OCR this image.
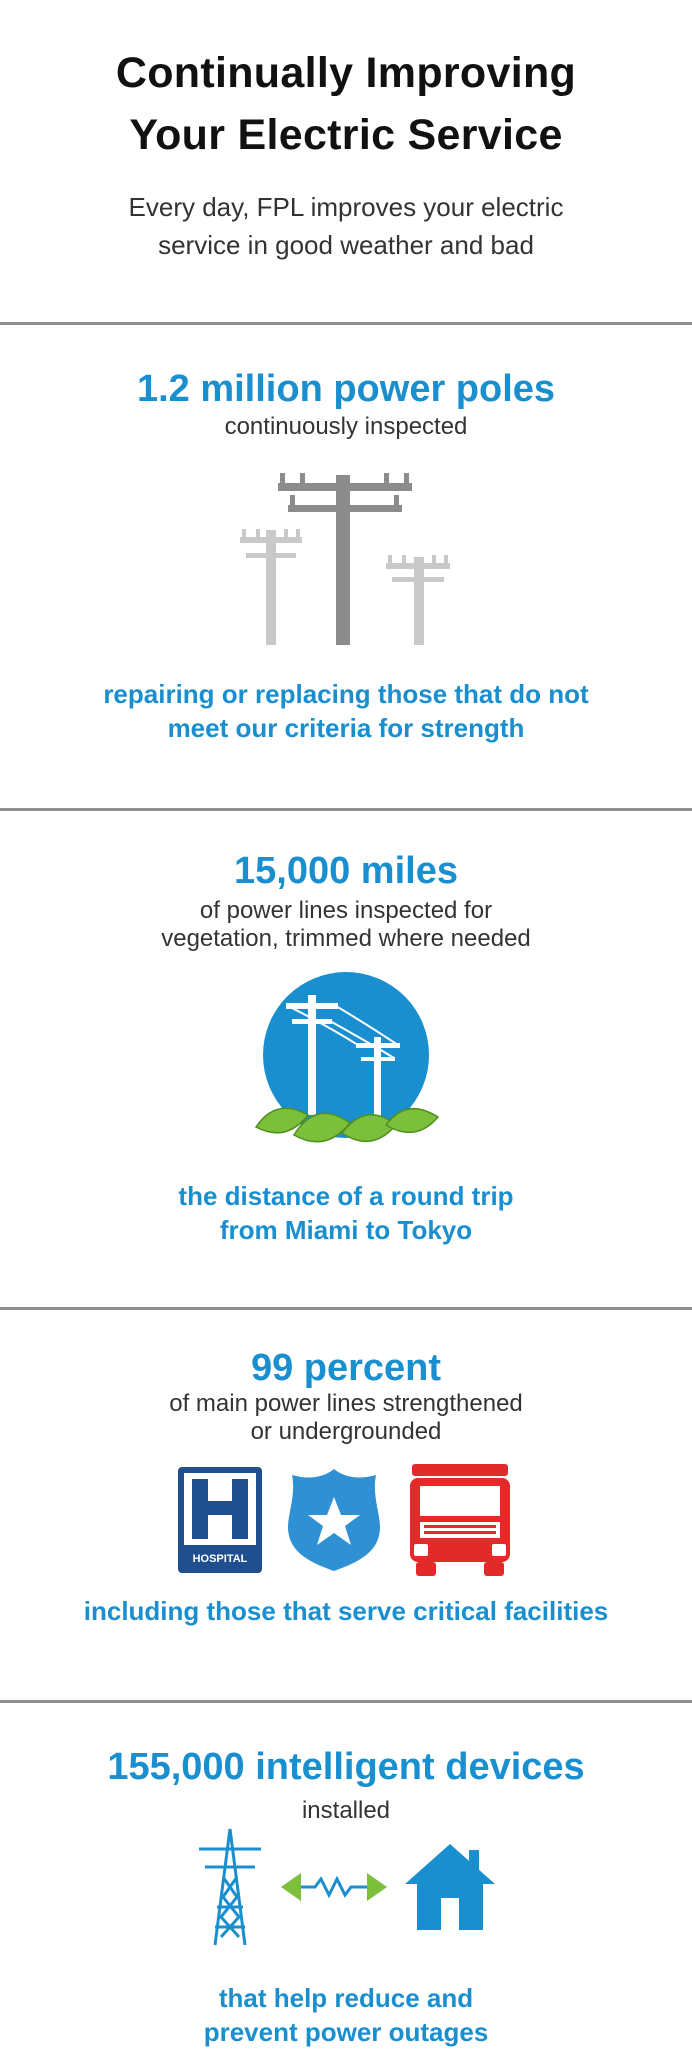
Continually Improving
Your Electric Service
Every day, FPL improves your electric
service in good weather and bad
1.2 million power poles
continuously inspected
repairing or replacing those that do not
meet our criteria for strength
15,000 miles
of power lines inspected for
vegetation, trimmed where needed
the distance of a round trip
from Miami to Tokyo
99 percent
of main power lines strengthened
or undergrounded
HOSPITAL
including those that serve critical facilities
155,000 intelligent devices
installed
that help reduce and
prevent power outages
